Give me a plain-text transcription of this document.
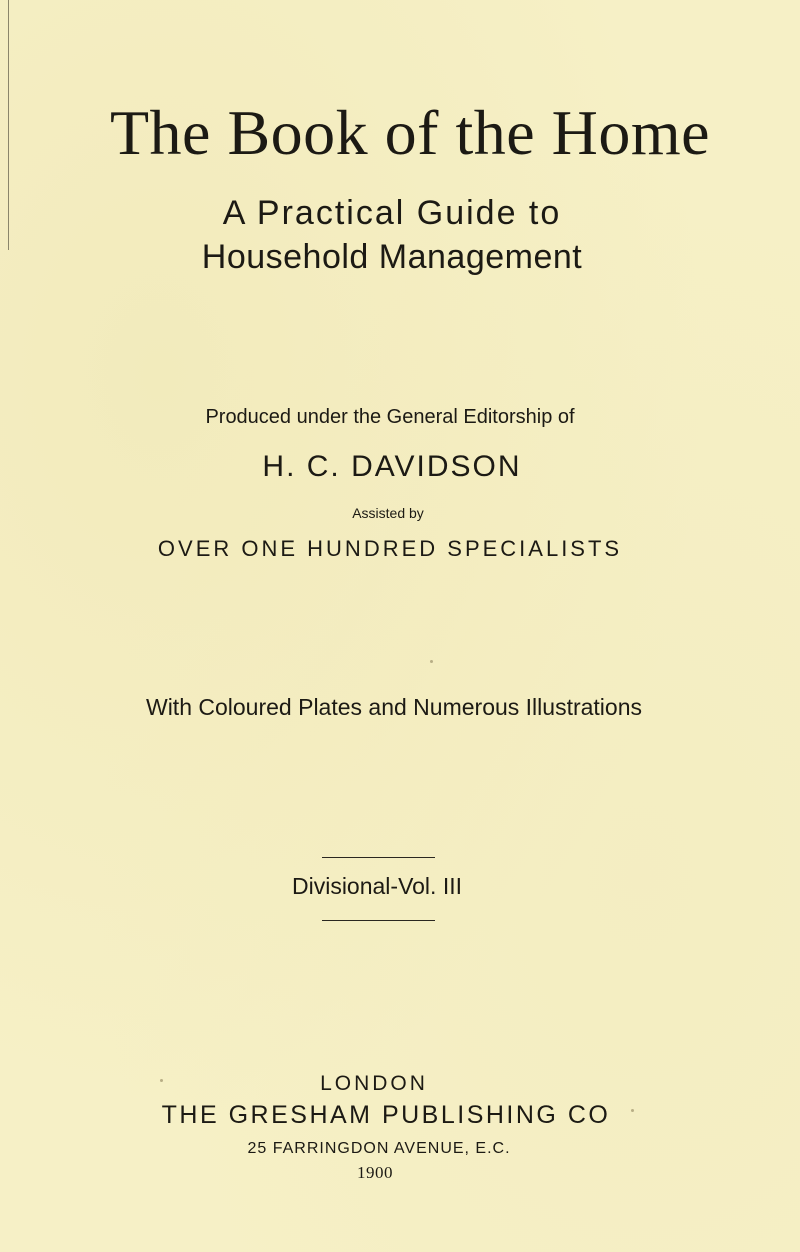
The Book of the Home
A Practical Guide to
Household Management
Produced under the General Editorship of
H. C. DAVIDSON
Assisted by
OVER ONE HUNDRED SPECIALISTS
With Coloured Plates and Numerous Illustrations
Divisional-Vol. III
LONDON
THE GRESHAM PUBLISHING CO
25 FARRINGDON AVENUE, E.C.
1900
